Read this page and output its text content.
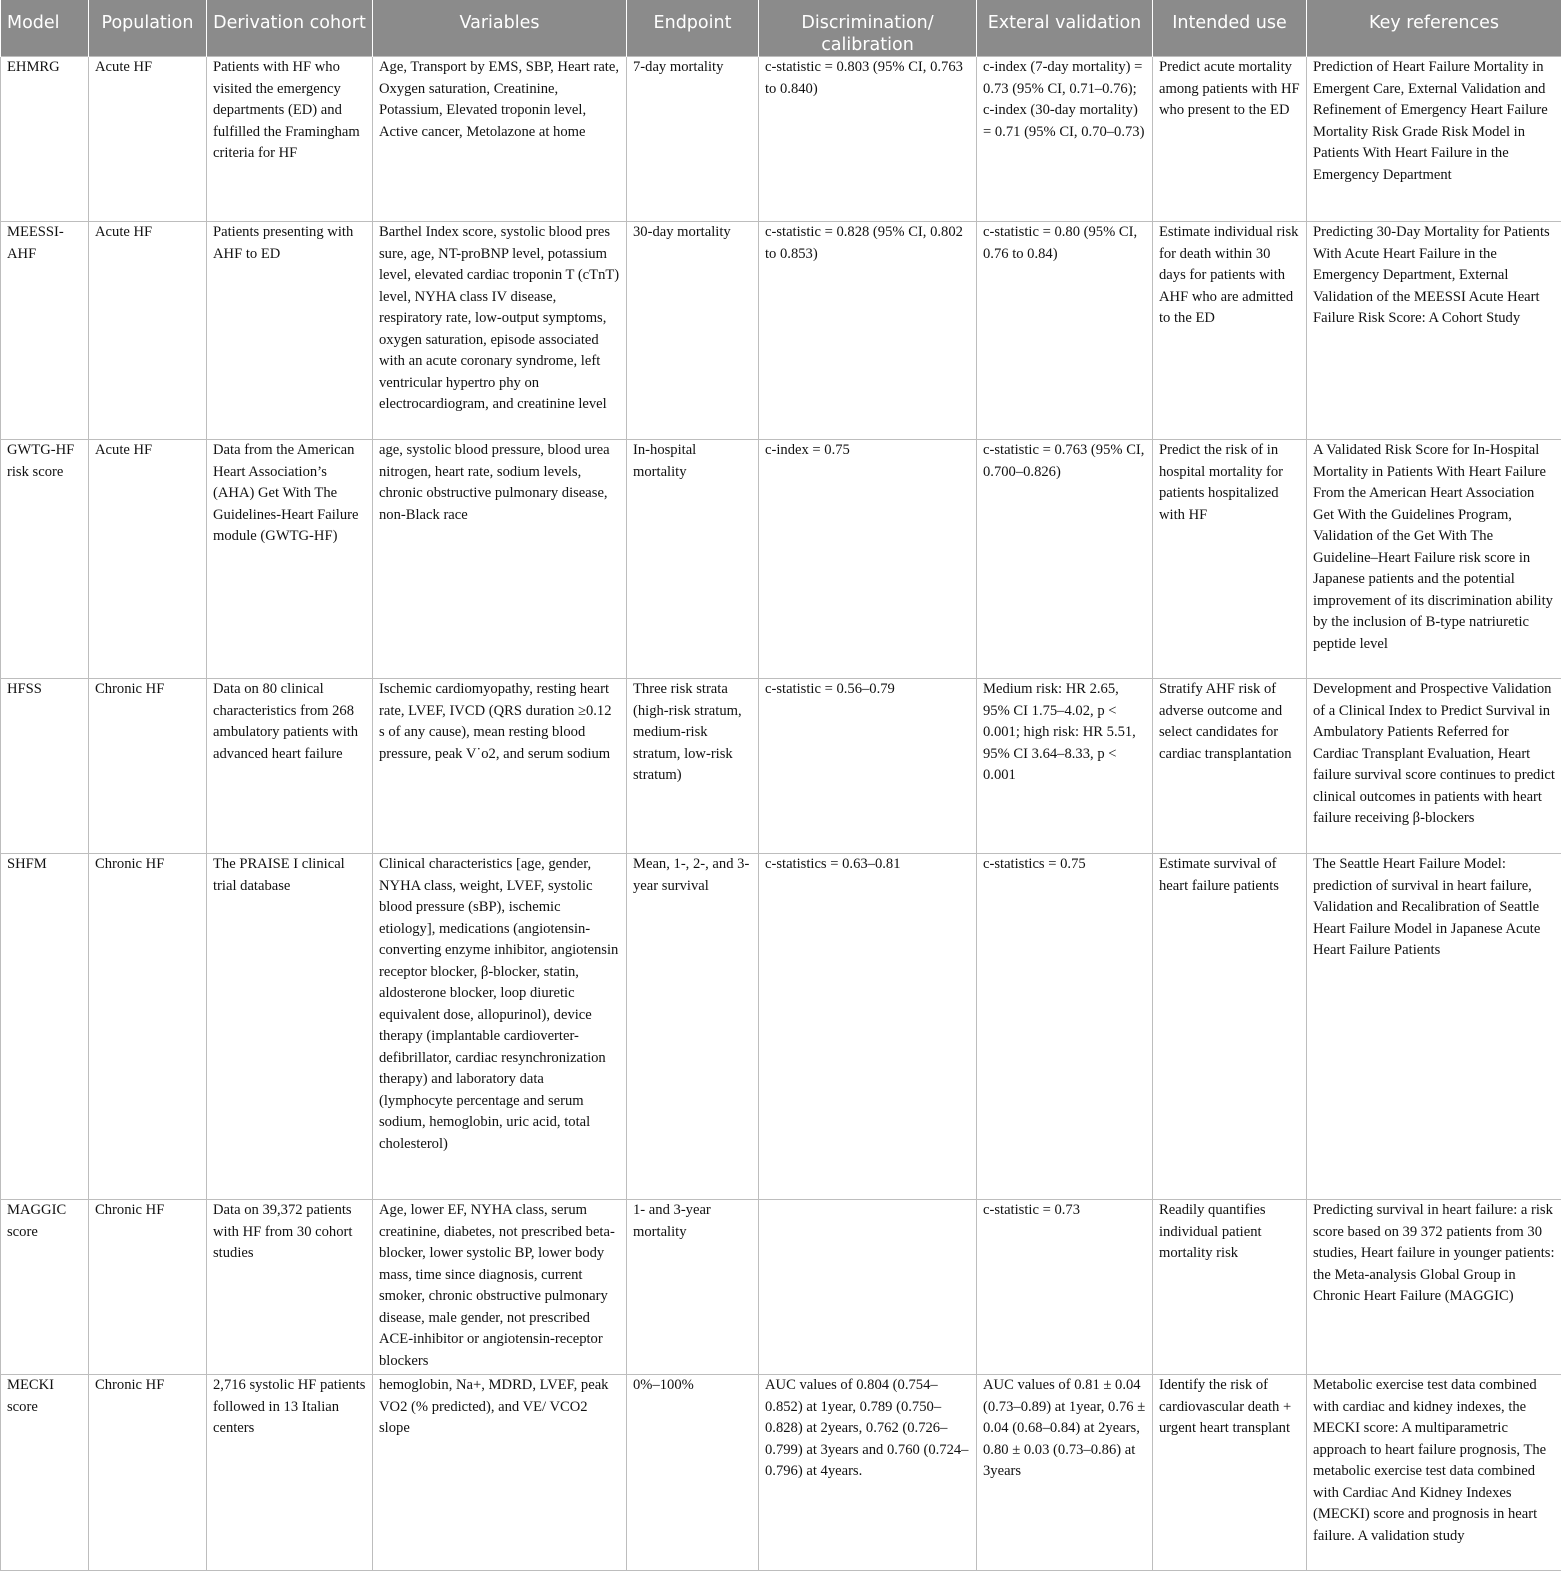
Model	Population	Derivation cohort	Variables	Endpoint	Discrimination/ calibration	Exteral validation	Intended use	Key references
EHMRG	Acute HF	Patients with HF who visited the emergency departments (ED) and fulfilled the Framingham criteria for HF	Age, Transport by EMS, SBP, Heart rate, Oxygen saturation, Creatinine, Potassium, Elevated troponin level, Active cancer, Metolazone at home	7-day mortality	c-statistic = 0.803 (95% CI, 0.763 to 0.840)	c-index (7-day mortality) = 0.73 (95% CI, 0.71–0.76); c-index (30-day mortality) = 0.71 (95% CI, 0.70–0.73)	Predict acute mortality among patients with HF who present to the ED	Prediction of Heart Failure Mortality in Emergent Care, External Validation and Refinement of Emergency Heart Failure Mortality Risk Grade Risk Model in Patients With Heart Failure in the Emergency Department
MEESSI-AHF	Acute HF	Patients presenting with AHF to ED	Barthel Index score, systolic blood pres sure, age, NT-proBNP level, potassium level, elevated cardiac troponin T (cTnT) level, NYHA class IV disease, respiratory rate, low-output symptoms, oxygen saturation, episode associated with an acute coronary syndrome, left ventricular hypertro phy on electrocardiogram, and creatinine level	30-day mortality	c-statistic = 0.828 (95% CI, 0.802 to 0.853)	c-statistic = 0.80 (95% CI, 0.76 to 0.84)	Estimate individual risk for death within 30 days for patients with AHF who are admitted to the ED	Predicting 30-Day Mortality for Patients With Acute Heart Failure in the Emergency Department, External Validation of the MEESSI Acute Heart Failure Risk Score: A Cohort Study
GWTG-HF risk score	Acute HF	Data from the American Heart Association’s (AHA) Get With The Guidelines-Heart Failure module (GWTG-HF)	age, systolic blood pressure, blood urea nitrogen, heart rate, sodium levels, chronic obstructive pulmonary disease, non-Black race	In-hospital mortality	c-index = 0.75	c-statistic = 0.763 (95% CI, 0.700–0.826)	Predict the risk of in hospital mortality for patients hospitalized with HF	A Validated Risk Score for In-Hospital Mortality in Patients With Heart Failure From the American Heart Association Get With the Guidelines Program, Validation of the Get With The Guideline–Heart Failure risk score in Japanese patients and the potential improvement of its discrimination ability by the inclusion of B-type natriuretic peptide level
HFSS	Chronic HF	Data on 80 clinical characteristics from 268 ambulatory patients with advanced heart failure	Ischemic cardiomyopathy, resting heart rate, LVEF, IVCD (QRS duration ≥0.12 s of any cause), mean resting blood pressure, peak V˙o2, and serum sodium	Three risk strata (high-risk stratum, medium-risk stratum, low-risk stratum)	c-statistic = 0.56–0.79	Medium risk: HR 2.65, 95% CI 1.75–4.02, p < 0.001; high risk: HR 5.51, 95% CI 3.64–8.33, p < 0.001	Stratify AHF risk of adverse outcome and select candidates for cardiac transplantation	Development and Prospective Validation of a Clinical Index to Predict Survival in Ambulatory Patients Referred for Cardiac Transplant Evaluation, Heart failure survival score continues to predict clinical outcomes in patients with heart failure receiving β-blockers
SHFM	Chronic HF	The PRAISE I clinical trial database	Clinical characteristics [age, gender, NYHA class, weight, LVEF, systolic blood pressure (sBP), ischemic etiology], medications (angiotensin-converting enzyme inhibitor, angiotensin receptor blocker, β-blocker, statin, aldosterone blocker, loop diuretic equivalent dose, allopurinol), device therapy (implantable cardioverter-defibrillator, cardiac resynchronization therapy) and laboratory data (lymphocyte percentage and serum sodium, hemoglobin, uric acid, total cholesterol)	Mean, 1-, 2-, and 3-year survival	c-statistics = 0.63–0.81	c-statistics = 0.75	Estimate survival of heart failure patients	The Seattle Heart Failure Model: prediction of survival in heart failure, Validation and Recalibration of Seattle Heart Failure Model in Japanese Acute Heart Failure Patients
MAGGIC score	Chronic HF	Data on 39,372 patients with HF from 30 cohort studies	Age, lower EF, NYHA class, serum creatinine, diabetes, not prescribed beta-blocker, lower systolic BP, lower body mass, time since diagnosis, current smoker, chronic obstructive pulmonary disease, male gender, not prescribed ACE-inhibitor or angiotensin-receptor blockers	1- and 3-year mortality		c-statistic = 0.73	Readily quantifies individual patient mortality risk	Predicting survival in heart failure: a risk score based on 39 372 patients from 30 studies, Heart failure in younger patients: the Meta-analysis Global Group in Chronic Heart Failure (MAGGIC)
MECKI score	Chronic HF	2,716 systolic HF patients followed in 13 Italian centers	hemoglobin, Na+, MDRD, LVEF, peak VO2 (% predicted), and VE/ VCO2 slope	0%–100%	AUC values of 0.804 (0.754–0.852) at 1year, 0.789 (0.750–0.828) at 2years, 0.762 (0.726–0.799) at 3years and 0.760 (0.724–0.796) at 4years.	AUC values of 0.81 ± 0.04 (0.73–0.89) at 1year, 0.76 ± 0.04 (0.68–0.84) at 2years, 0.80 ± 0.03 (0.73–0.86) at 3years	Identify the risk of cardiovascular death + urgent heart transplant	Metabolic exercise test data combined with cardiac and kidney indexes, the MECKI score: A multiparametric approach to heart failure prognosis, The metabolic exercise test data combined with Cardiac And Kidney Indexes (MECKI) score and prognosis in heart failure. A validation study
